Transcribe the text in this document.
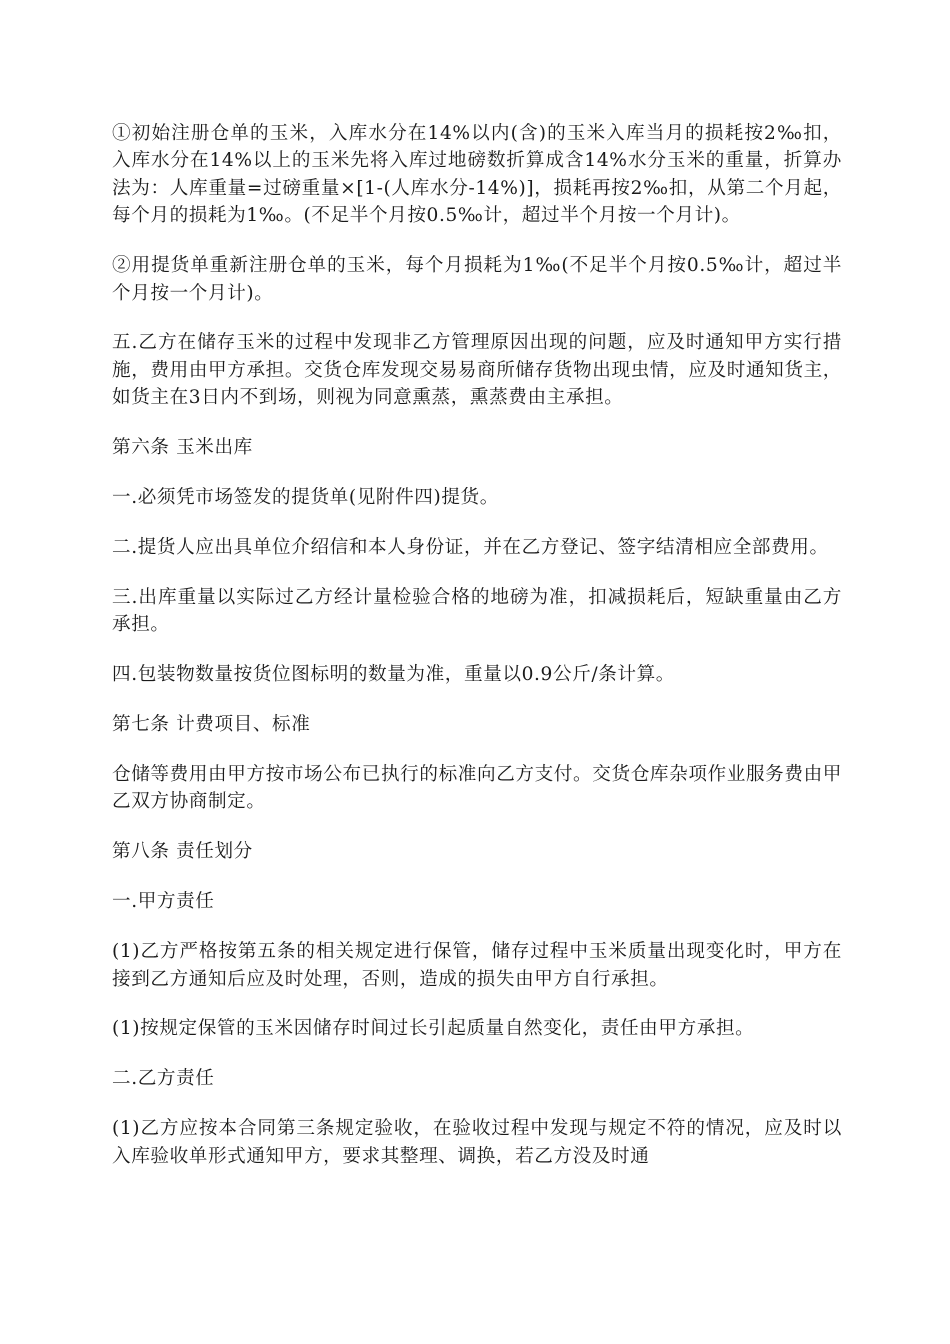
①初始注册仓单的玉米，入库水分在14%以内(含)的玉米入库当月的损耗按2‰扣，入库水分在14%以上的玉米先将入库过地磅数折算成含14%水分玉米的重量，折算办法为：人库重量=过磅重量×[1-(人库水分-14%)]，损耗再按2‰扣，从第二个月起，每个月的损耗为1‰。(不足半个月按0.5‰计，超过半个月按一个月计)。

②用提货单重新注册仓单的玉米，每个月损耗为1‰(不足半个月按0.5‰计，超过半个月按一个月计)。

五.乙方在储存玉米的过程中发现非乙方管理原因出现的问题，应及时通知甲方实行措施，费用由甲方承担。交货仓库发现交易易商所储存货物出现虫情，应及时通知货主，如货主在3日内不到场，则视为同意熏蒸，熏蒸费由主承担。

第六条 玉米出库

一.必须凭市场签发的提货单(见附件四)提货。

二.提货人应出具单位介绍信和本人身份证，并在乙方登记、签字结清相应全部费用。

三.出库重量以实际过乙方经计量检验合格的地磅为准，扣减损耗后，短缺重量由乙方承担。

四.包装物数量按货位图标明的数量为准，重量以0.9公斤/条计算。

第七条 计费项目、标准

仓储等费用由甲方按市场公布已执行的标准向乙方支付。交货仓库杂项作业服务费由甲乙双方协商制定。

第八条 责任划分

一.甲方责任

(1)乙方严格按第五条的相关规定进行保管，储存过程中玉米质量出现变化时，甲方在接到乙方通知后应及时处理，否则，造成的损失由甲方自行承担。

(1)按规定保管的玉米因储存时间过长引起质量自然变化，责任由甲方承担。

二.乙方责任

(1)乙方应按本合同第三条规定验收，在验收过程中发现与规定不符的情况，应及时以入库验收单形式通知甲方，要求其整理、调换，若乙方没及时通
